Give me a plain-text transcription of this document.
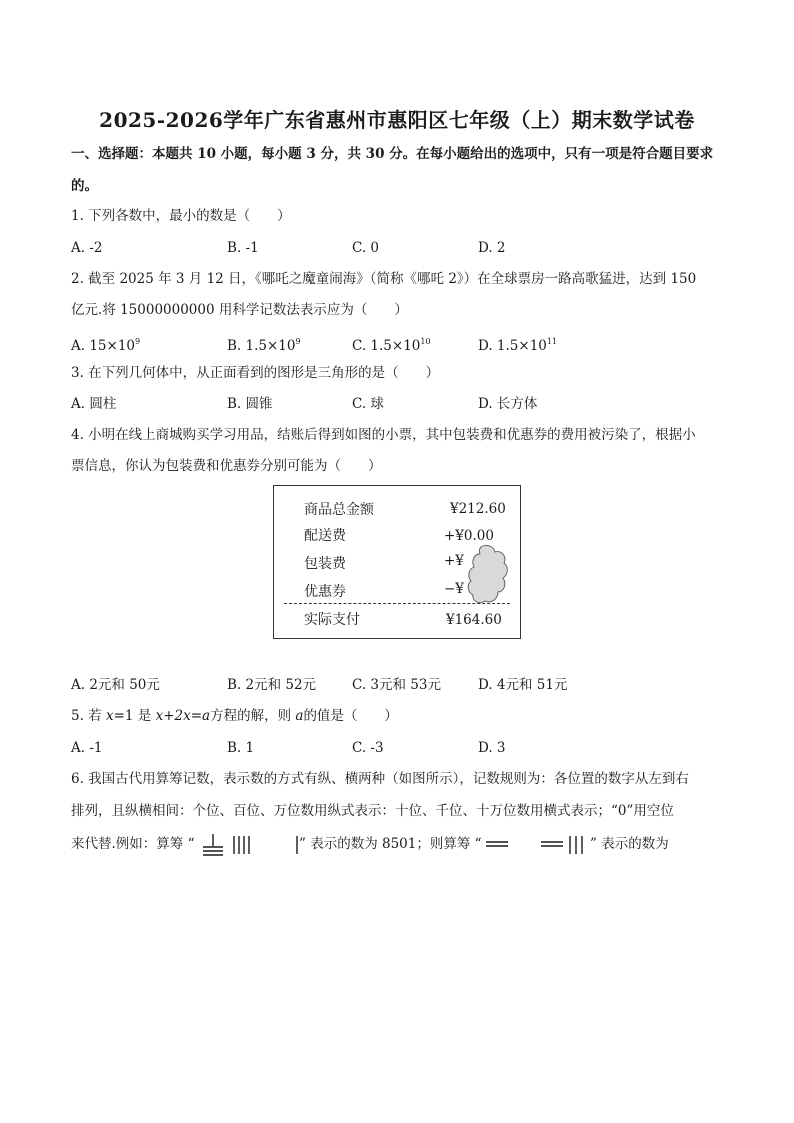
2025-2026学年广东省惠州市惠阳区七年级（上）期末数学试卷
一、选择题：本题共 10 小题，每小题 3 分，共 30 分。在每小题给出的选项中，只有一项是符合题目要求
的。
1. 下列各数中，最小的数是（　　）
A. -2	B. -1	C. 0	D. 2
2. 截至 2025 年 3 月 12 日，《哪吒之魔童闹海》（简称《哪吒 2》）在全球票房一路高歌猛进，达到 150
亿元.将 15000000000 用科学记数法表示应为（　　）
A. $15\times 10^9$	B. $1.5\times 10^9$	C. $1.5\times 10^{10}$	D. $1.5\times 10^{11}$
3. 在下列几何体中，从正面看到的图形是三角形的是（　　）
A. 圆柱	B. 圆锥	C. 球	D. 长方体
4. 小明在线上商城购买学习用品，结账后得到如图的小票，其中包装费和优惠券的费用被污染了，根据小
票信息，你认为包装费和优惠券分别可能为（　　）
商品总金额	¥212.60
配送费	+¥0.00
包装费	+¥
优惠券	−¥
实际支付	¥164.60
A. 2元和 50元	B. 2元和 52元	C. 3元和 53元	D. 4元和 51元
5. 若 x=1 是 x+2x=a方程的解，则 a的值是（　　）
A. -1	B. 1	C. -3	D. 3
6. 我国古代用算筹记数，表示数的方式有纵、横两种（如图所示），记数规则为：各位置的数字从左到右
排列，且纵横相间：个位、百位、万位数用纵式表示：十位、千位、十万位数用横式表示；“0”用空位
来代替.例如：算筹 “	” 表示的数为 8501；则算筹 “	” 表示的数为
